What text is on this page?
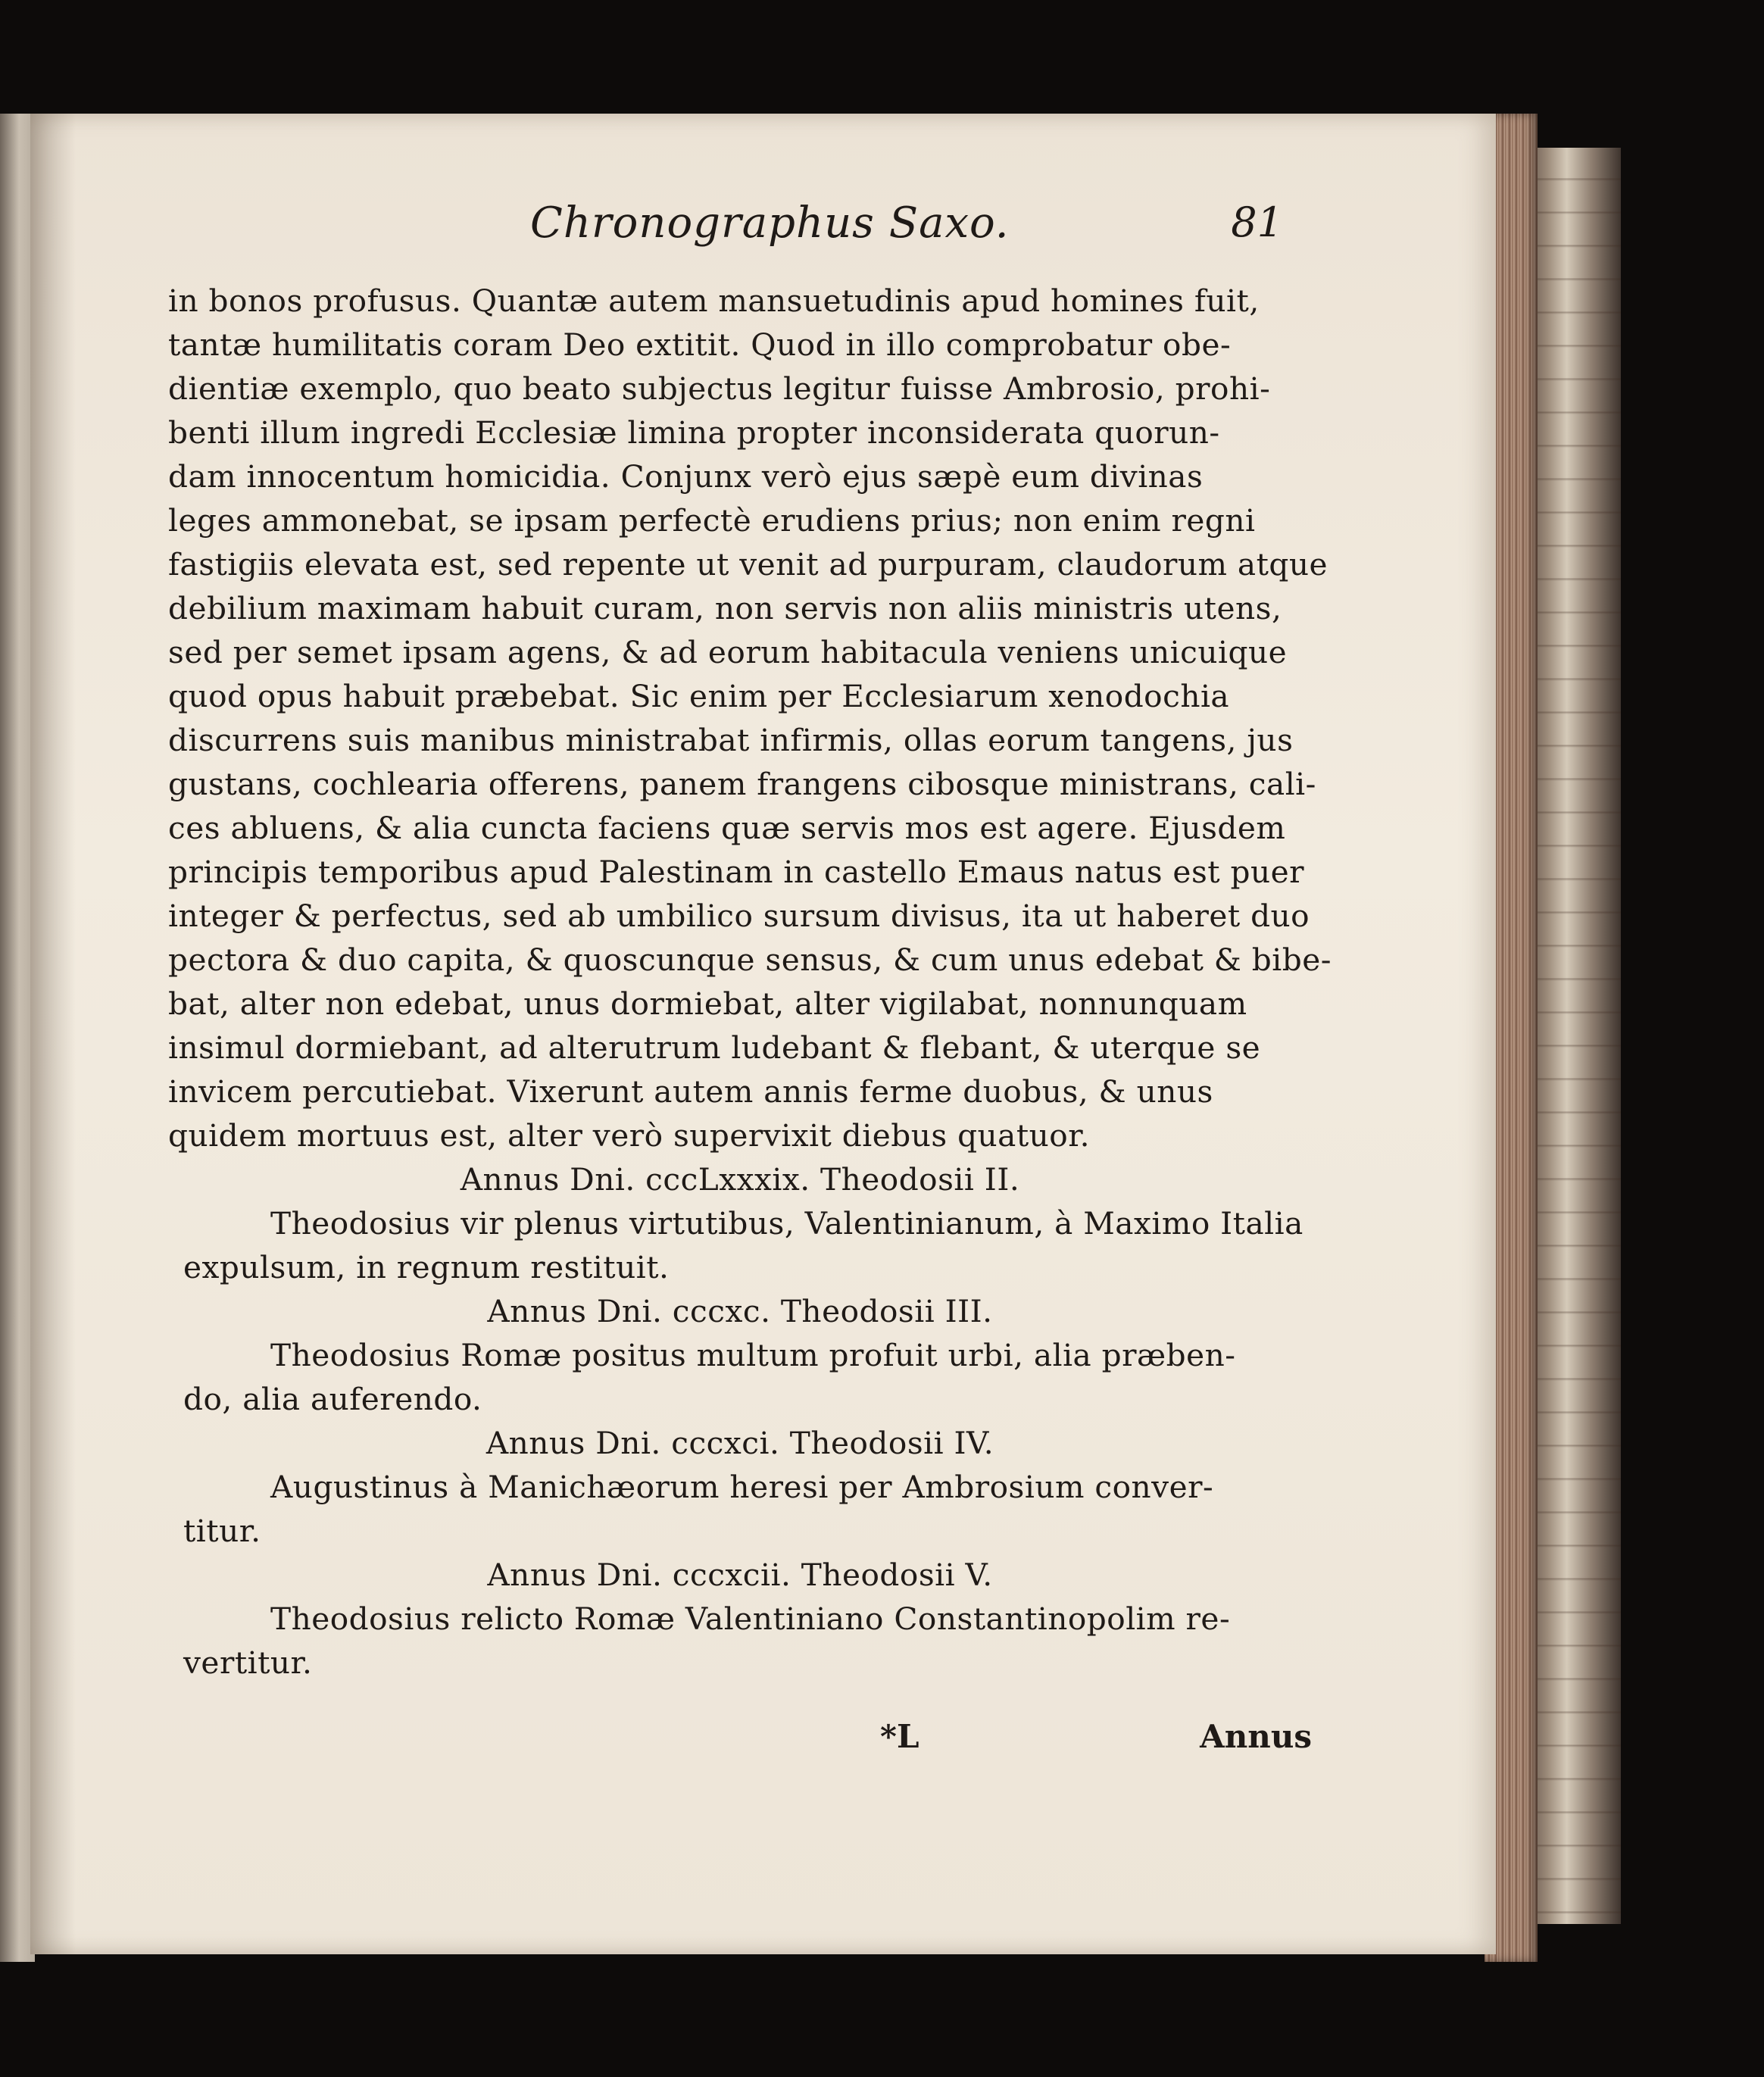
Chronographus Saxo.	81
in bonos profusus. Quantæ autem mansuetudinis apud homines fuit,
tantæ humilitatis coram Deo extitit. Quod in illo comprobatur obe-
dientiæ exemplo, quo beato subjectus legitur fuisse Ambrosio, prohi-
benti illum ingredi Ecclesiæ limina propter inconsiderata quorun-
dam innocentum homicidia. Conjunx verò ejus sæpè eum divinas
leges ammonebat, se ipsam perfectè erudiens prius; non enim regni
fastigiis elevata est, sed repente ut venit ad purpuram, claudorum atque
debilium maximam habuit curam, non servis non aliis ministris utens,
sed per semet ipsam agens, & ad eorum habitacula veniens unicuique
quod opus habuit præbebat. Sic enim per Ecclesiarum xenodochia
discurrens suis manibus ministrabat infirmis, ollas eorum tangens, jus
gustans, cochlearia offerens, panem frangens cibosque ministrans, cali-
ces abluens, & alia cuncta faciens quæ servis mos est agere. Ejusdem
principis temporibus apud Palestinam in castello Emaus natus est puer
integer & perfectus, sed ab umbilico sursum divisus, ita ut haberet duo
pectora & duo capita, & quoscunque sensus, & cum unus edebat & bibe-
bat, alter non edebat, unus dormiebat, alter vigilabat, nonnunquam
insimul dormiebant, ad alterutrum ludebant & flebant, & uterque se
invicem percutiebat. Vixerunt autem annis ferme duobus, & unus
quidem mortuus est, alter verò supervixit diebus quatuor.
Annus Dni. cccLxxxix. Theodosii II.
Theodosius vir plenus virtutibus, Valentinianum, à Maximo Italia
expulsum, in regnum restituit.
Annus Dni. cccxc. Theodosii III.
Theodosius Romæ positus multum profuit urbi, alia præben-
do, alia auferendo.
Annus Dni. cccxci. Theodosii IV.
Augustinus à Manichæorum heresi per Ambrosium conver-
titur.
Annus Dni. cccxcii. Theodosii V.
Theodosius relicto Romæ Valentiniano Constantinopolim re-
vertitur.
*L	Annus
